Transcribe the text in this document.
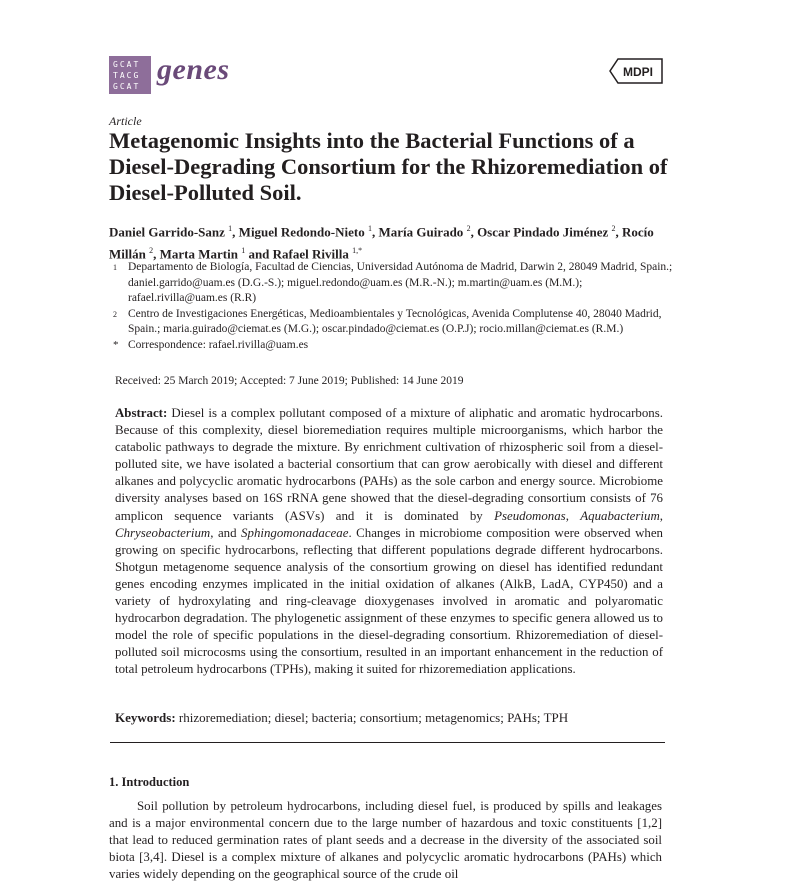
GCAT
TACG
GCAT
genes	MDPI
Article
Metagenomic Insights into the Bacterial Functions of a Diesel-Degrading Consortium for the Rhizoremediation of Diesel-Polluted Soil.
Daniel Garrido-Sanz $^1$, Miguel Redondo-Nieto $^1$, María Guirado $^2$, Oscar Pindado Jiménez $^2$, Rocío Millán $^2$, Marta Martin $^1$ and Rafael Rivilla $^{1,*}$
1 Departamento de Biología, Facultad de Ciencias, Universidad Autónoma de Madrid, Darwin 2, 28049 Madrid, Spain.; daniel.garrido@uam.es (D.G.-S.); miguel.redondo@uam.es (M.R.-N.); m.martin@uam.es (M.M.); rafael.rivilla@uam.es (R.R)
2 Centro de Investigaciones Energéticas, Medioambientales y Tecnológicas, Avenida Complutense 40, 28040 Madrid, Spain.; maria.guirado@ciemat.es (M.G.); oscar.pindado@ciemat.es (O.P.J); rocio.millan@ciemat.es (R.M.)
* Correspondence: rafael.rivilla@uam.es
Received: 25 March 2019; Accepted: 7 June 2019; Published: 14 June 2019
Abstract: Diesel is a complex pollutant composed of a mixture of aliphatic and aromatic hydrocarbons. Because of this complexity, diesel bioremediation requires multiple microorganisms, which harbor the catabolic pathways to degrade the mixture. By enrichment cultivation of rhizospheric soil from a diesel-polluted site, we have isolated a bacterial consortium that can grow aerobically with diesel and different alkanes and polycyclic aromatic hydrocarbons (PAHs) as the sole carbon and energy source. Microbiome diversity analyses based on 16S rRNA gene showed that the diesel-degrading consortium consists of 76 amplicon sequence variants (ASVs) and it is dominated by Pseudomonas, Aquabacterium, Chryseobacterium, and Sphingomonadaceae. Changes in microbiome composition were observed when growing on specific hydrocarbons, reflecting that different populations degrade different hydrocarbons. Shotgun metagenome sequence analysis of the consortium growing on diesel has identified redundant genes encoding enzymes implicated in the initial oxidation of alkanes (AlkB, LadA, CYP450) and a variety of hydroxylating and ring-cleavage dioxygenases involved in aromatic and polyaromatic hydrocarbon degradation. The phylogenetic assignment of these enzymes to specific genera allowed us to model the role of specific populations in the diesel-degrading consortium. Rhizoremediation of diesel-polluted soil microcosms using the consortium, resulted in an important enhancement in the reduction of total petroleum hydrocarbons (TPHs), making it suited for rhizoremediation applications.
Keywords: rhizoremediation; diesel; bacteria; consortium; metagenomics; PAHs; TPH
1. Introduction
Soil pollution by petroleum hydrocarbons, including diesel fuel, is produced by spills and leakages and is a major environmental concern due to the large number of hazardous and toxic constituents [1,2] that lead to reduced germination rates of plant seeds and a decrease in the diversity of the associated soil biota [3,4]. Diesel is a complex mixture of alkanes and polycyclic aromatic hydrocarbons (PAHs) which varies widely depending on the geographical source of the crude oil
